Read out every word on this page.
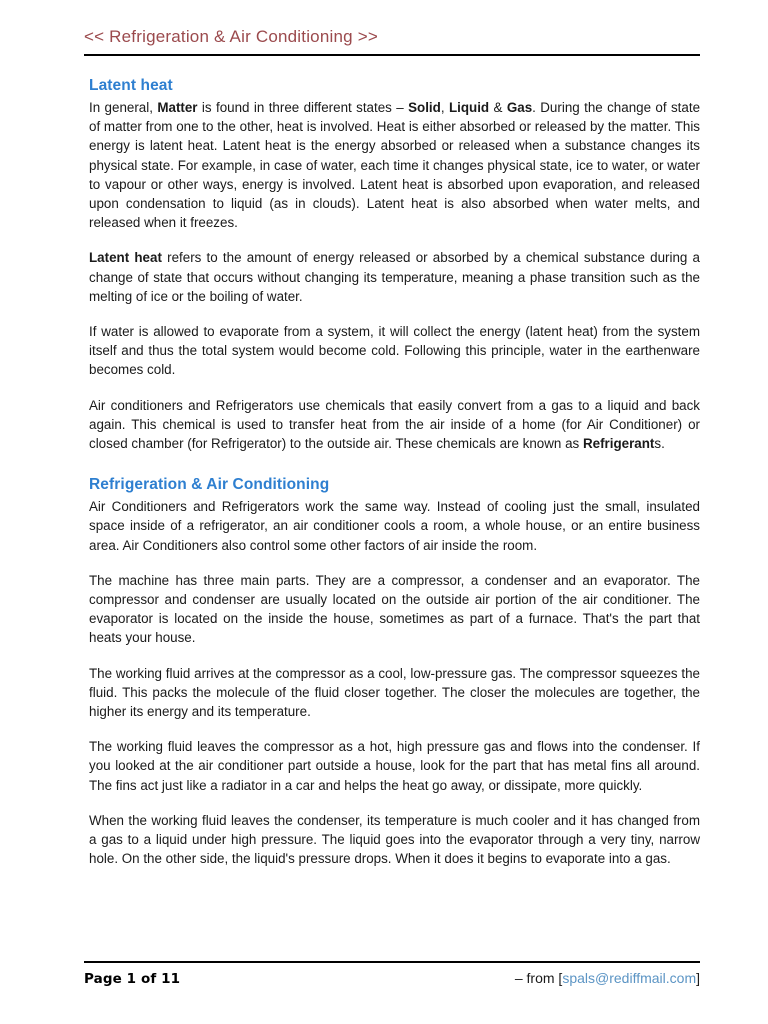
<< Refrigeration & Air Conditioning >>
Latent heat

In general, Matter is found in three different states – Solid, Liquid & Gas. During the change of state of matter from one to the other, heat is involved. Heat is either absorbed or released by the matter. This energy is latent heat. Latent heat is the energy absorbed or released when a substance changes its physical state. For example, in case of water, each time it changes physical state, ice to water, or water to vapour or other ways, energy is involved. Latent heat is absorbed upon evaporation, and released upon condensation to liquid (as in clouds). Latent heat is also absorbed when water melts, and released when it freezes.

Latent heat refers to the amount of energy released or absorbed by a chemical substance during a change of state that occurs without changing its temperature, meaning a phase transition such as the melting of ice or the boiling of water.

If water is allowed to evaporate from a system, it will collect the energy (latent heat) from the system itself and thus the total system would become cold. Following this principle, water in the earthenware becomes cold.

Air conditioners and Refrigerators use chemicals that easily convert from a gas to a liquid and back again. This chemical is used to transfer heat from the air inside of a home (for Air Conditioner) or closed chamber (for Refrigerator) to the outside air. These chemicals are known as Refrigerants.

Refrigeration & Air Conditioning

Air Conditioners and Refrigerators work the same way. Instead of cooling just the small, insulated space inside of a refrigerator, an air conditioner cools a room, a whole house, or an entire business area. Air Conditioners also control some other factors of air inside the room.

The machine has three main parts. They are a compressor, a condenser and an evaporator. The compressor and condenser are usually located on the outside air portion of the air conditioner. The evaporator is located on the inside the house, sometimes as part of a furnace. That's the part that heats your house.

The working fluid arrives at the compressor as a cool, low-pressure gas. The compressor squeezes the fluid. This packs the molecule of the fluid closer together. The closer the molecules are together, the higher its energy and its temperature.

The working fluid leaves the compressor as a hot, high pressure gas and flows into the condenser. If you looked at the air conditioner part outside a house, look for the part that has metal fins all around. The fins act just like a radiator in a car and helps the heat go away, or dissipate, more quickly.

When the working fluid leaves the condenser, its temperature is much cooler and it has changed from a gas to a liquid under high pressure. The liquid goes into the evaporator through a very tiny, narrow hole. On the other side, the liquid's pressure drops. When it does it begins to evaporate into a gas.

Page 1 of 11	– from [spals@rediffmail.com]
